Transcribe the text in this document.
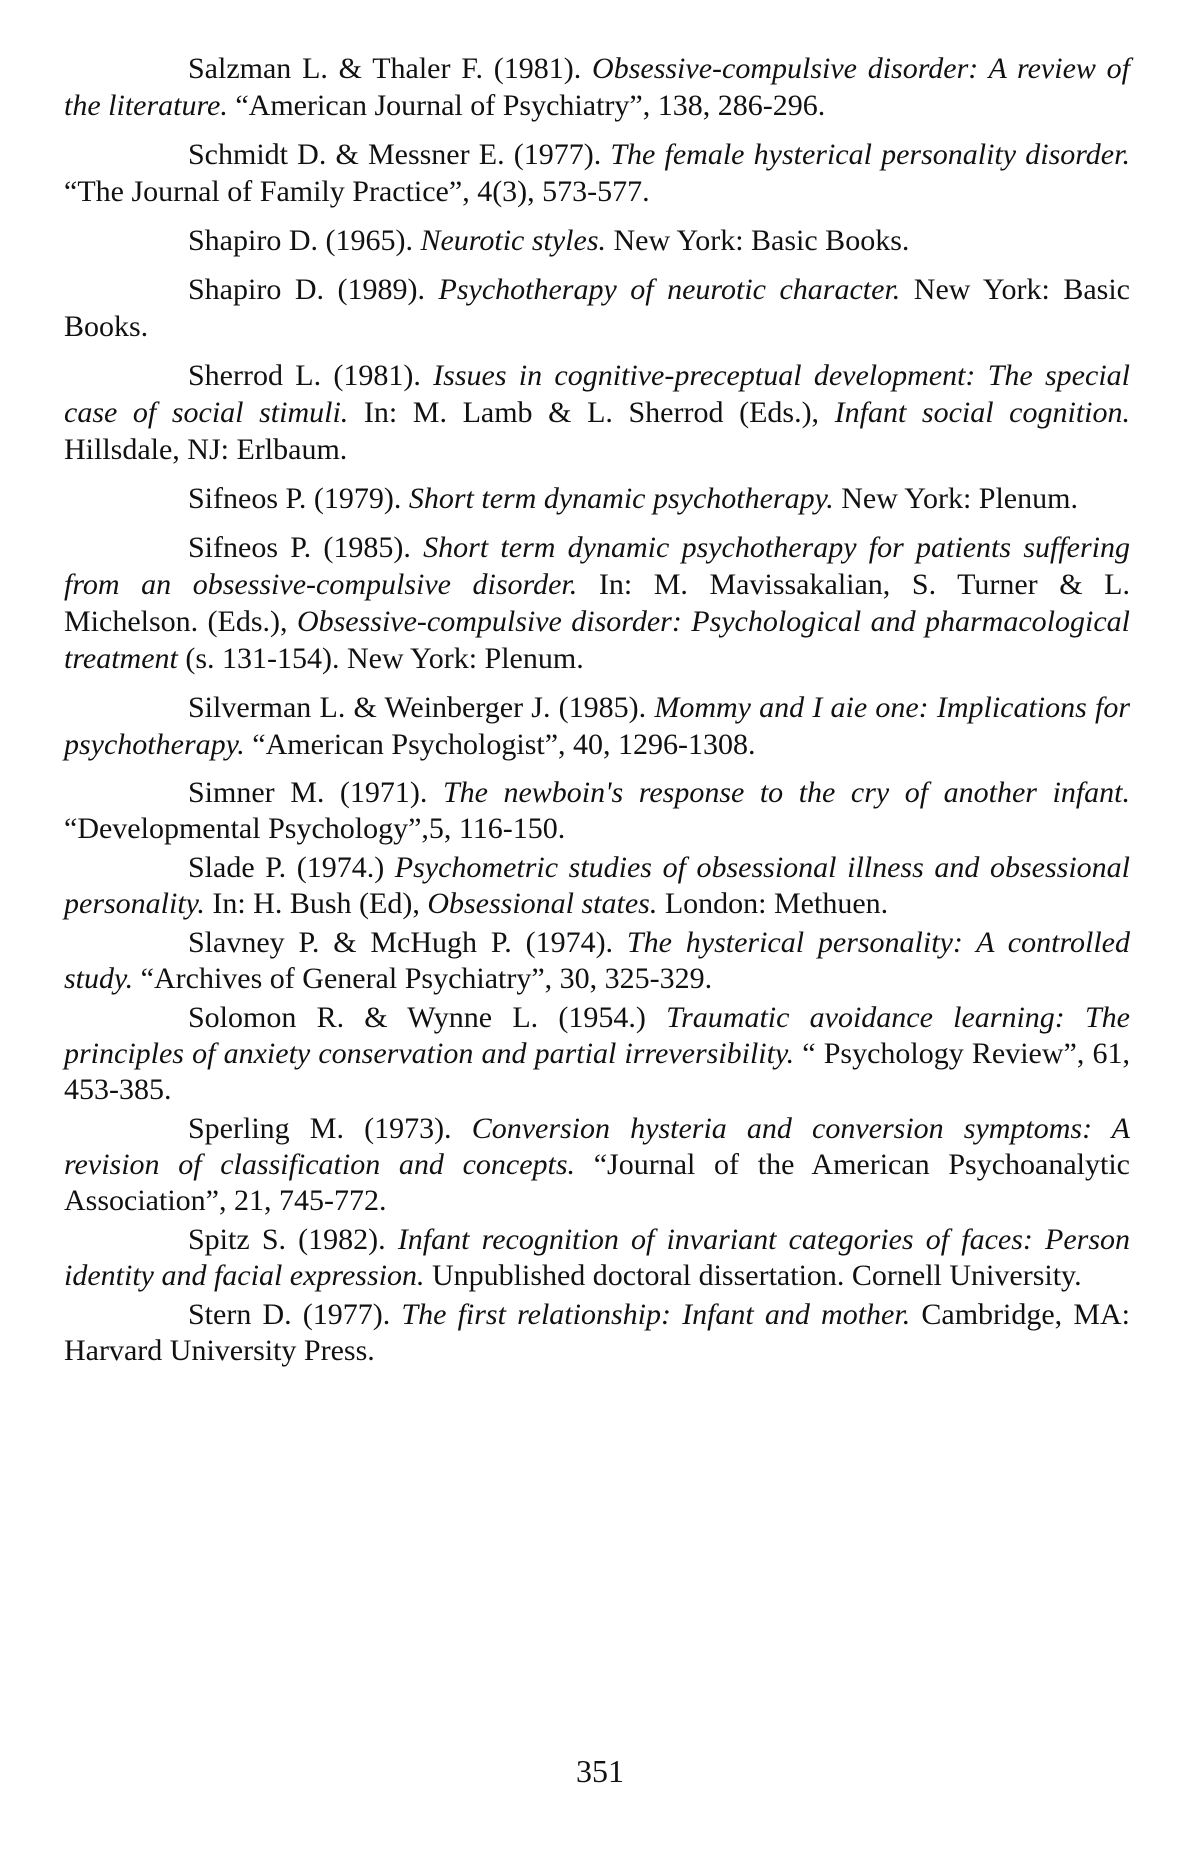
Salzman L. & Thaler F. (1981). Obsessive-compulsive disorder: A review of the literature. “American Journal of Psychiatry”, 138, 286-296.

Schmidt D. & Messner E. (1977). The female hysterical personality disorder. “The Journal of Family Practice”, 4(3), 573-577.

Shapiro D. (1965). Neurotic styles. New York: Basic Books.

Shapiro D. (1989). Psychotherapy of neurotic character. New York: Basic Books.

Sherrod L. (1981). Issues in cognitive-preceptual development: The special case of social stimuli. In: M. Lamb & L. Sherrod (Eds.), Infant social cognition. Hillsdale, NJ: Erlbaum.

Sifneos P. (1979). Short term dynamic psychotherapy. New York: Plenum.

Sifneos P. (1985). Short term dynamic psychotherapy for patients suffering from an obsessive-compulsive disorder. In: M. Mavissakalian, S. Turner & L. Michelson. (Eds.), Obsessive-compulsive disorder: Psychological and pharmacological treatment (s. 131-154). New York: Plenum.

Silverman L. & Weinberger J. (1985). Mommy and I aie one: Implications for psychotherapy. “American Psychologist”, 40, 1296-1308.

Simner M. (1971). The newboin's response to the cry of another infant. “Developmental Psychology”,5, 116-150.

Slade P. (1974.) Psychometric studies of obsessional illness and obsessional personality. In: H. Bush (Ed), Obsessional states. London: Methuen.

Slavney P. & McHugh P. (1974). The hysterical personality: A controlled study. “Archives of General Psychiatry”, 30, 325-329.

Solomon R. & Wynne L. (1954.) Traumatic avoidance learning: The principles of anxiety conservation and partial irreversibility. “ Psychology Review”, 61, 453-385.

Sperling M. (1973). Conversion hysteria and conversion symptoms: A revision of classification and concepts. “Journal of the American Psychoanalytic Association”, 21, 745-772.

Spitz S. (1982). Infant recognition of invariant categories of faces: Person identity and facial expression. Unpublished doctoral dissertation. Cornell University.

Stern D. (1977). The first relationship: Infant and mother. Cambridge, MA: Harvard University Press.

351
